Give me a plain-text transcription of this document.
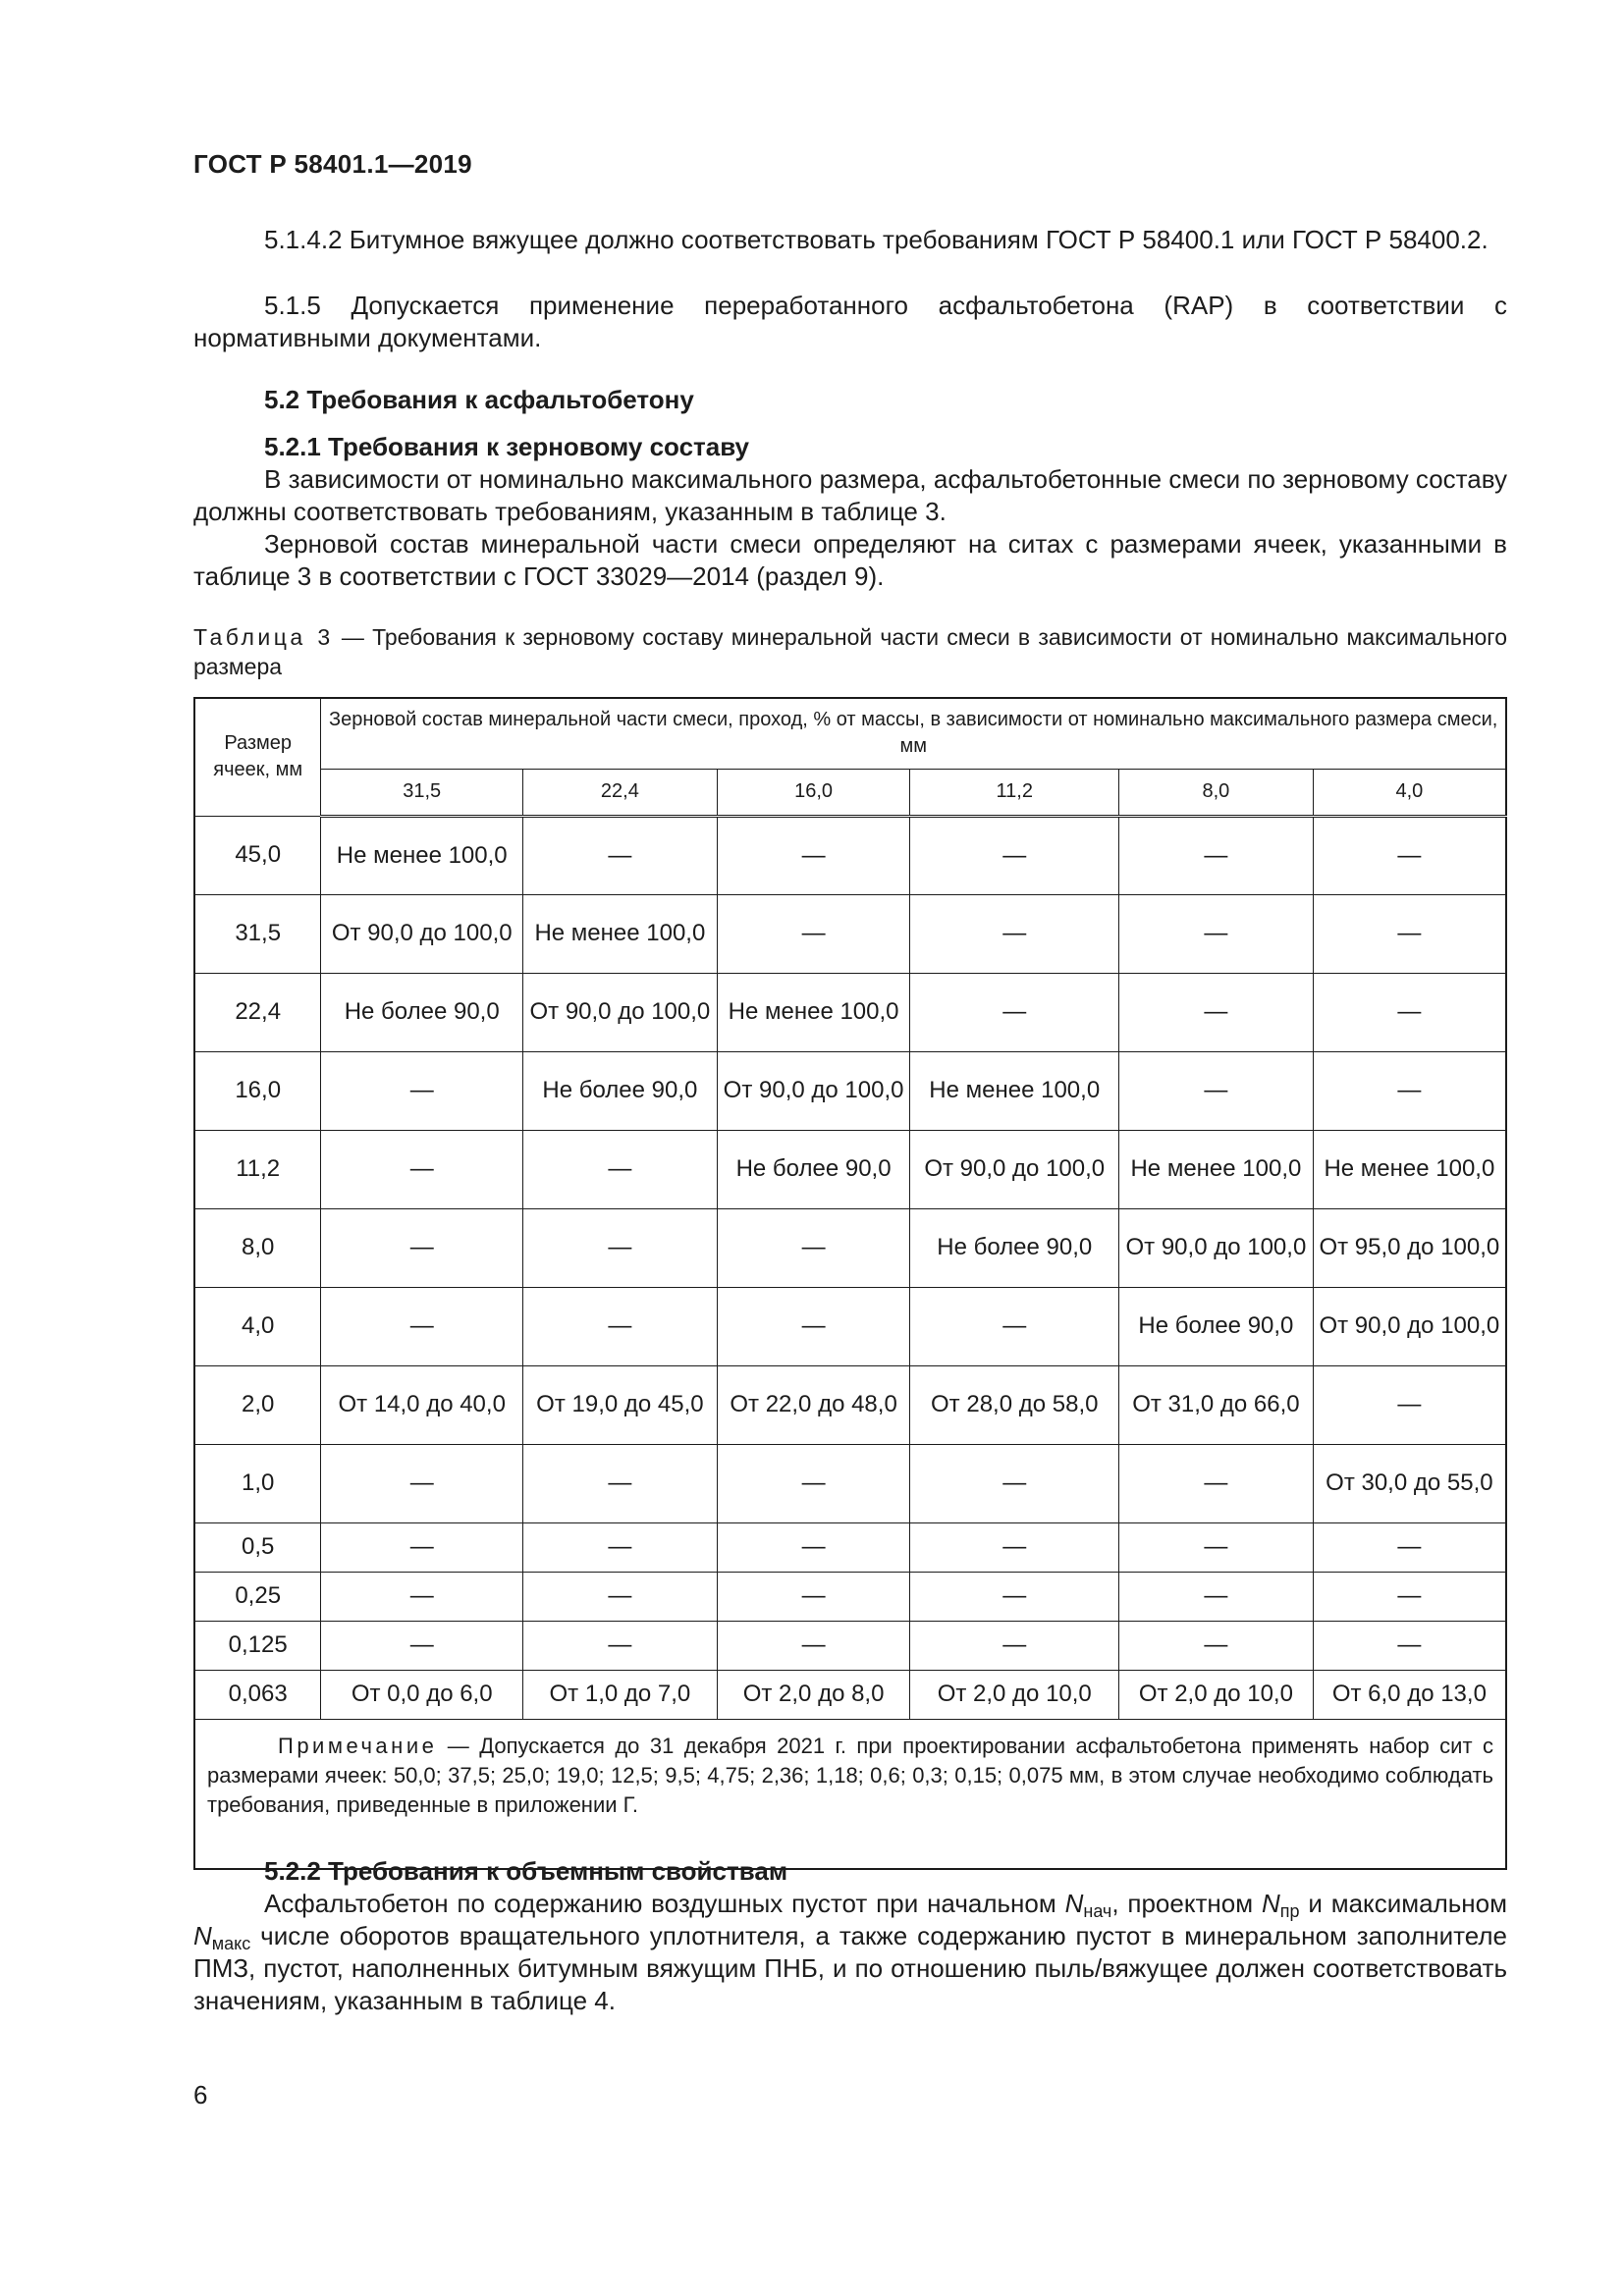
ГОСТ Р 58401.1—2019
5.1.4.2 Битумное вяжущее должно соответствовать требованиям ГОСТ Р 58400.1 или ГОСТ Р 58400.2.
5.1.5 Допускается применение переработанного асфальтобетона (RAP) в соответствии с нормативными документами.
5.2 Требования к асфальтобетону
5.2.1 Требования к зерновому составу
В зависимости от номинально максимального размера, асфальтобетонные смеси по зерновому составу должны соответствовать требованиям, указанным в таблице 3.
Зерновой состав минеральной части смеси определяют на ситах с размерами ячеек, указанными в таблице 3 в соответствии с ГОСТ 33029—2014 (раздел 9).
Таблица 3 — Требования к зерновому составу минеральной части смеси в зависимости от номинально максимального размера
Размер ячеек, мм	Зерновой состав минеральной части смеси, проход, % от массы, в зависимости от номинально максимального размера смеси, мм					
	31,5	22,4	16,0	11,2	8,0	4,0
45,0	Не менее 100,0	—	—	—	—	—
31,5	От 90,0 до 100,0	Не менее 100,0	—	—	—	—
22,4	Не более 90,0	От 90,0 до 100,0	Не менее 100,0	—	—	—
16,0	—	Не более 90,0	От 90,0 до 100,0	Не менее 100,0	—	—
11,2	—	—	Не более 90,0	От 90,0 до 100,0	Не менее 100,0	Не менее 100,0
8,0	—	—	—	Не более 90,0	От 90,0 до 100,0	От 95,0 до 100,0
4,0	—	—	—	—	Не более 90,0	От 90,0 до 100,0
2,0	От 14,0 до 40,0	От 19,0 до 45,0	От 22,0 до 48,0	От 28,0 до 58,0	От 31,0 до 66,0	—
1,0	—	—	—	—	—	От 30,0 до 55,0
0,5	—	—	—	—	—	—
0,25	—	—	—	—	—	—
0,125	—	—	—	—	—	—
0,063	От 0,0 до 6,0	От 1,0 до 7,0	От 2,0 до 8,0	От 2,0 до 10,0	От 2,0 до 10,0	От 6,0 до 13,0
Примечание — Допускается до 31 декабря 2021 г. при проектировании асфальтобетона применять набор сит с размерами ячеек: 50,0; 37,5; 25,0; 19,0; 12,5; 9,5; 4,75; 2,36; 1,18; 0,6; 0,3; 0,15; 0,075 мм, в этом случае необходимо соблюдать требования, приведенные в приложении Г.						
5.2.2 Требования к объемным свойствам
Асфальтобетон по содержанию воздушных пустот при начальном $N_{нач}$, проектном $N_{пр}$ и максимальном $N_{макс}$ числе оборотов вращательного уплотнителя, а также содержанию пустот в минеральном заполнителе ПМЗ, пустот, наполненных битумным вяжущим ПНБ, и по отношению пыль/вяжущее должен соответствовать значениям, указанным в таблице 4.
6
